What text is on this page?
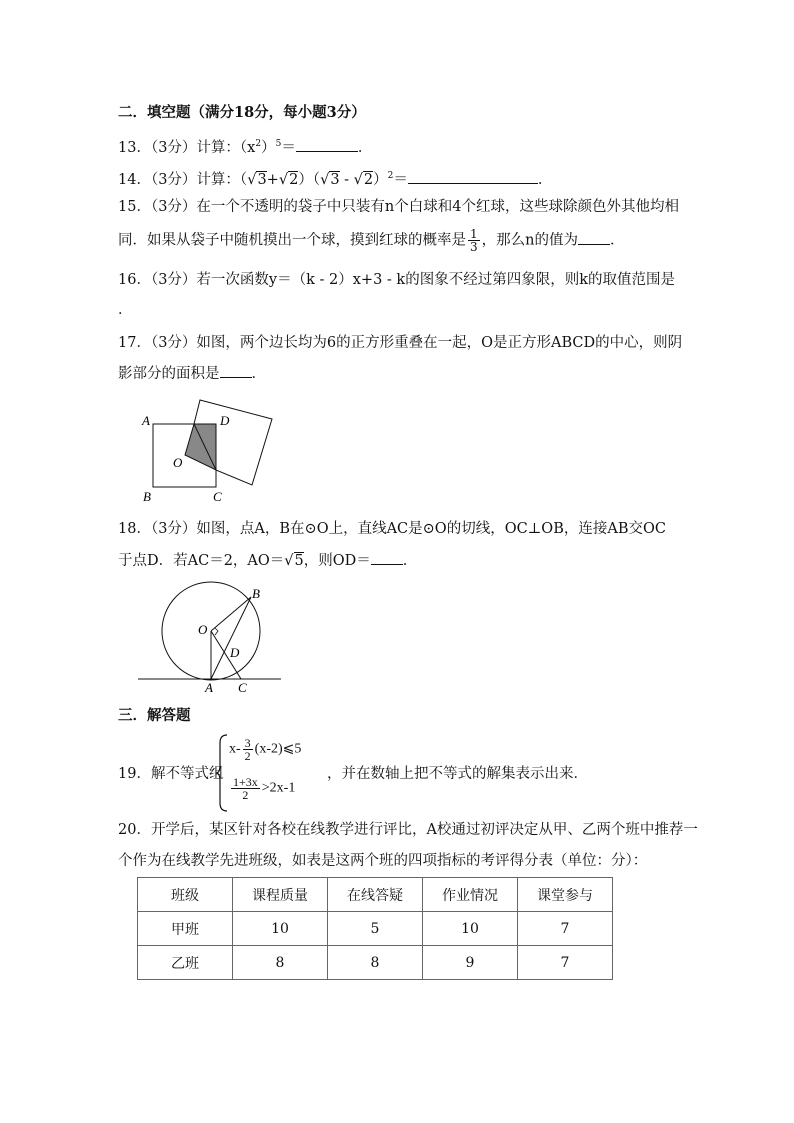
二．填空题（满分18分，每小题3分）
13．（3分）计算：$(x^2)^5=$	．
14．（3分）计算：（√3+√2）（√3 - √2）$^2$＝	．
15．（3分）在一个不透明的袋子中只装有n个白球和4个红球，这些球除颜色外其他均相
同．如果从袋子中随机摸出一个球，摸到红球的概率是 $\frac{1}{3}$ ，那么n的值为 ．
16．（3分）若一次函数y＝（k - 2）x+3 - k的图象不经过第四象限，则k的取值范围是
．
17．（3分）如图，两个边长均为6的正方形重叠在一起，O是正方形ABCD的中心，则阴
影部分的面积是 ．
A	D
O
B	C
18．（3分）如图，点A，B在⊙O上，直线AC是⊙O的切线，OC⊥OB，连接AB交OC
于点D．若AC＝2，AO＝√5，则OD＝ ．
O
B
D
A C
三．解答题
19．解不等式组
$x- \frac{3}{2}$ (x-2)⩽5
$\frac{1+3x}{2} >2x-1$
，并在数轴上把不等式的解集表示出来．
20．开学后，某区针对各校在线教学进行评比，A校通过初评决定从甲、乙两个班中推荐一
个作为在线教学先进班级，如表是这两个班的四项指标的考评得分表（单位：分）：
班级	课程质量	在线答疑	作业情况	课堂参与
甲班	10	5	10	7
乙班	8	8	9	7
